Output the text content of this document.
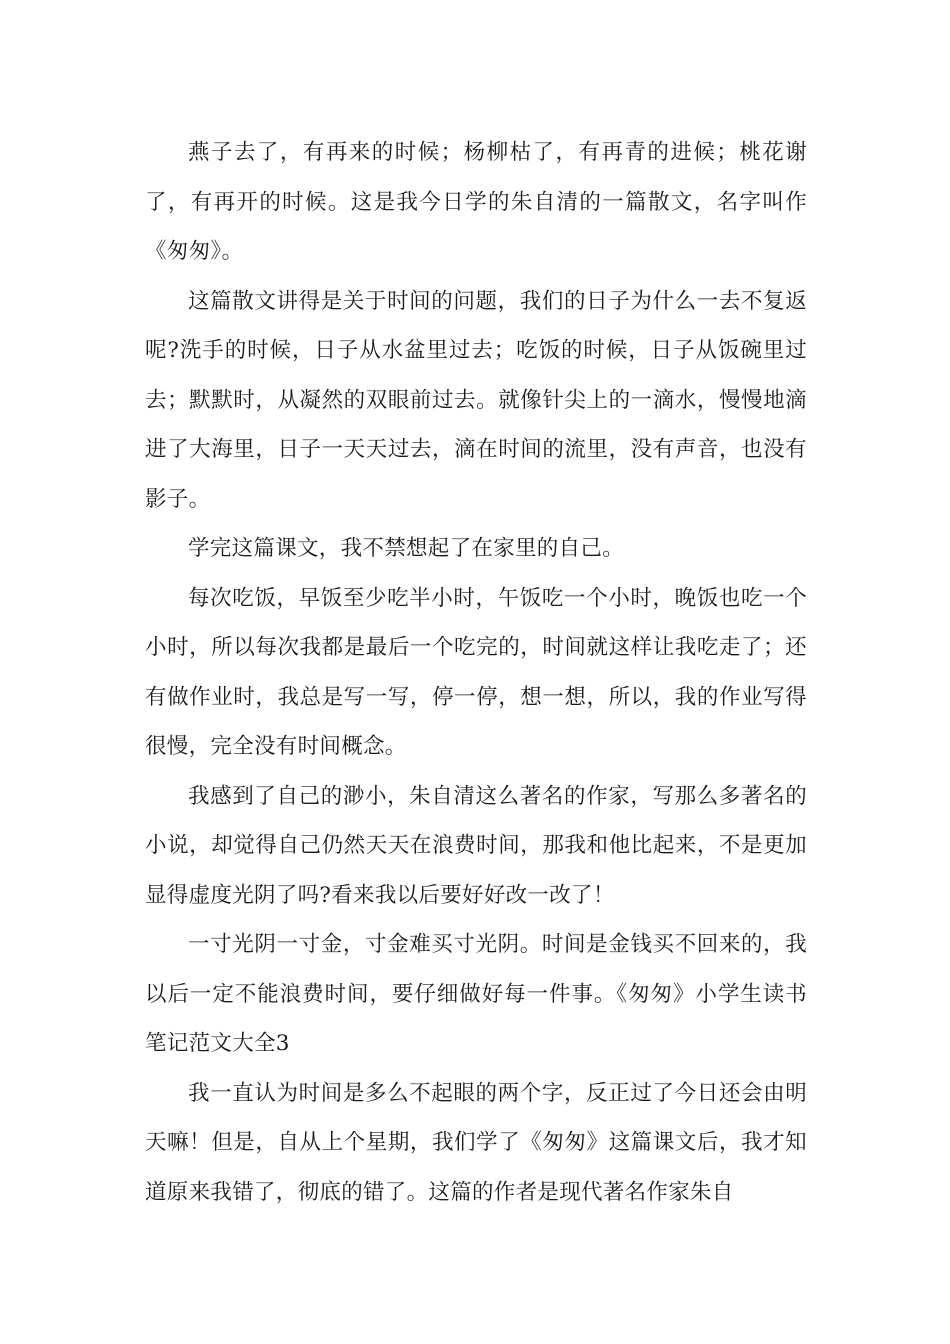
燕子去了，有再来的时候；杨柳枯了，有再青的进候；桃花谢了，有再开的时候。这是我今日学的朱自清的一篇散文，名字叫作《匆匆》。

这篇散文讲得是关于时间的问题，我们的日子为什么一去不复返呢?洗手的时候，日子从水盆里过去；吃饭的时候，日子从饭碗里过去；默默时，从凝然的双眼前过去。就像针尖上的一滴水，慢慢地滴进了大海里，日子一天天过去，滴在时间的流里，没有声音，也没有影子。

学完这篇课文，我不禁想起了在家里的自己。

每次吃饭，早饭至少吃半小时，午饭吃一个小时，晚饭也吃一个小时，所以每次我都是最后一个吃完的，时间就这样让我吃走了；还有做作业时，我总是写一写，停一停，想一想，所以，我的作业写得很慢，完全没有时间概念。

我感到了自己的渺小，朱自清这么著名的作家，写那么多著名的小说，却觉得自己仍然天天在浪费时间，那我和他比起来，不是更加显得虚度光阴了吗?看来我以后要好好改一改了！

一寸光阴一寸金，寸金难买寸光阴。时间是金钱买不回来的，我以后一定不能浪费时间，要仔细做好每一件事。《匆匆》小学生读书笔记范文大全3

我一直认为时间是多么不起眼的两个字，反正过了今日还会由明天嘛！但是，自从上个星期，我们学了《匆匆》这篇课文后，我才知道原来我错了，彻底的错了。这篇的作者是现代著名作家朱自
